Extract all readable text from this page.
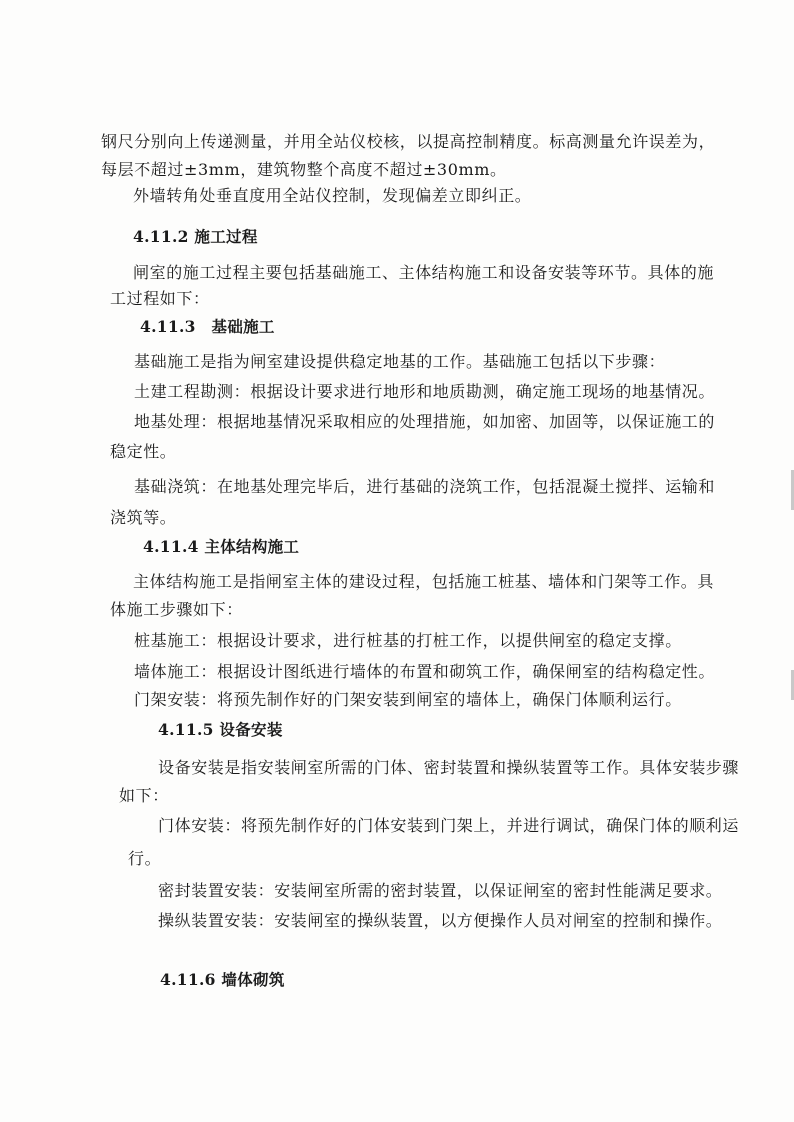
钢尺分别向上传递测量，并用全站仪校核，以提高控制精度。标高测量允许误差为，
每层不超过±3mm，建筑物整个高度不超过±30mm。
外墙转角处垂直度用全站仪控制，发现偏差立即纠正。
4.11.2 施工过程
闸室的施工过程主要包括基础施工、主体结构施工和设备安装等环节。具体的施
工过程如下：
4.11.3　基础施工
基础施工是指为闸室建设提供稳定地基的工作。基础施工包括以下步骤：
土建工程勘测：根据设计要求进行地形和地质勘测，确定施工现场的地基情况。
地基处理：根据地基情况采取相应的处理措施，如加密、加固等，以保证施工的
稳定性。
基础浇筑：在地基处理完毕后，进行基础的浇筑工作，包括混凝土搅拌、运输和
浇筑等。
4.11.4 主体结构施工
主体结构施工是指闸室主体的建设过程，包括施工桩基、墙体和门架等工作。具
体施工步骤如下：
桩基施工：根据设计要求，进行桩基的打桩工作，以提供闸室的稳定支撑。
墙体施工：根据设计图纸进行墙体的布置和砌筑工作，确保闸室的结构稳定性。
门架安装：将预先制作好的门架安装到闸室的墙体上，确保门体顺利运行。
4.11.5 设备安装
设备安装是指安装闸室所需的门体、密封装置和操纵装置等工作。具体安装步骤
如下：
门体安装：将预先制作好的门体安装到门架上，并进行调试，确保门体的顺利运
行。
密封装置安装：安装闸室所需的密封装置，以保证闸室的密封性能满足要求。
操纵装置安装：安装闸室的操纵装置，以方便操作人员对闸室的控制和操作。
4.11.6 墙体砌筑
